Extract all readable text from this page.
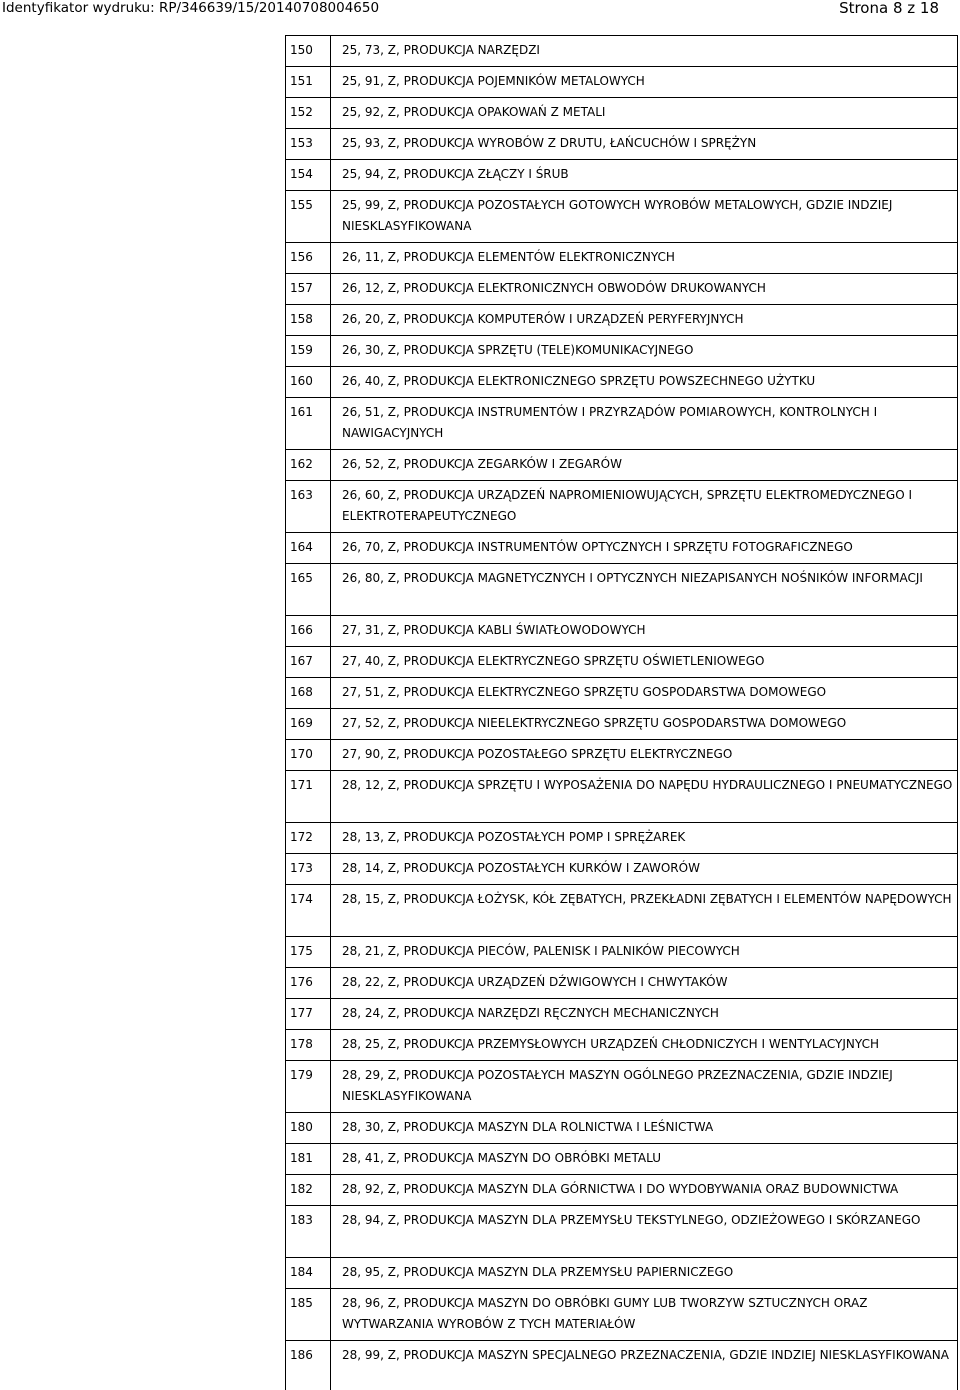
Identyfikator wydruku: RP/346639/15/20140708004650	Strona 8 z 18
150	25, 73, Z, PRODUKCJA NARZĘDZI
151	25, 91, Z, PRODUKCJA POJEMNIKÓW METALOWYCH
152	25, 92, Z, PRODUKCJA OPAKOWAŃ Z METALI
153	25, 93, Z, PRODUKCJA WYROBÓW Z DRUTU, ŁAŃCUCHÓW I SPRĘŻYN
154	25, 94, Z, PRODUKCJA ZŁĄCZY I ŚRUB
155	25, 99, Z, PRODUKCJA POZOSTAŁYCH GOTOWYCH WYROBÓW METALOWYCH, GDZIE INDZIEJ NIESKLASYFIKOWANA
156	26, 11, Z, PRODUKCJA ELEMENTÓW ELEKTRONICZNYCH
157	26, 12, Z, PRODUKCJA ELEKTRONICZNYCH OBWODÓW DRUKOWANYCH
158	26, 20, Z, PRODUKCJA KOMPUTERÓW I URZĄDZEŃ PERYFERYJNYCH
159	26, 30, Z, PRODUKCJA SPRZĘTU (TELE)KOMUNIKACYJNEGO
160	26, 40, Z, PRODUKCJA ELEKTRONICZNEGO SPRZĘTU POWSZECHNEGO UŻYTKU
161	26, 51, Z, PRODUKCJA INSTRUMENTÓW I PRZYRZĄDÓW POMIAROWYCH, KONTROLNYCH I NAWIGACYJNYCH
162	26, 52, Z, PRODUKCJA ZEGARKÓW I ZEGARÓW
163	26, 60, Z, PRODUKCJA URZĄDZEŃ NAPROMIENIOWUJĄCYCH, SPRZĘTU ELEKTROMEDYCZNEGO I ELEKTROTERAPEUTYCZNEGO
164	26, 70, Z, PRODUKCJA INSTRUMENTÓW OPTYCZNYCH I SPRZĘTU FOTOGRAFICZNEGO
165	26, 80, Z, PRODUKCJA MAGNETYCZNYCH I OPTYCZNYCH NIEZAPISANYCH NOŚNIKÓW INFORMACJI
166	27, 31, Z, PRODUKCJA KABLI ŚWIATŁOWODOWYCH
167	27, 40, Z, PRODUKCJA ELEKTRYCZNEGO SPRZĘTU OŚWIETLENIOWEGO
168	27, 51, Z, PRODUKCJA ELEKTRYCZNEGO SPRZĘTU GOSPODARSTWA DOMOWEGO
169	27, 52, Z, PRODUKCJA NIEELEKTRYCZNEGO SPRZĘTU GOSPODARSTWA DOMOWEGO
170	27, 90, Z, PRODUKCJA POZOSTAŁEGO SPRZĘTU ELEKTRYCZNEGO
171	28, 12, Z, PRODUKCJA SPRZĘTU I WYPOSAŻENIA DO NAPĘDU HYDRAULICZNEGO I PNEUMATYCZNEGO
172	28, 13, Z, PRODUKCJA POZOSTAŁYCH POMP I SPRĘŻAREK
173	28, 14, Z, PRODUKCJA POZOSTAŁYCH KURKÓW I ZAWORÓW
174	28, 15, Z, PRODUKCJA ŁOŻYSK, KÓŁ ZĘBATYCH, PRZEKŁADNI ZĘBATYCH I ELEMENTÓW NAPĘDOWYCH
175	28, 21, Z, PRODUKCJA PIECÓW, PALENISK I PALNIKÓW PIECOWYCH
176	28, 22, Z, PRODUKCJA URZĄDZEŃ DŹWIGOWYCH I CHWYTAKÓW
177	28, 24, Z, PRODUKCJA NARZĘDZI RĘCZNYCH MECHANICZNYCH
178	28, 25, Z, PRODUKCJA PRZEMYSŁOWYCH URZĄDZEŃ CHŁODNICZYCH I WENTYLACYJNYCH
179	28, 29, Z, PRODUKCJA POZOSTAŁYCH MASZYN OGÓLNEGO PRZEZNACZENIA, GDZIE INDZIEJ NIESKLASYFIKOWANA
180	28, 30, Z, PRODUKCJA MASZYN DLA ROLNICTWA I LEŚNICTWA
181	28, 41, Z, PRODUKCJA MASZYN DO OBRÓBKI METALU
182	28, 92, Z, PRODUKCJA MASZYN DLA GÓRNICTWA I DO WYDOBYWANIA ORAZ BUDOWNICTWA
183	28, 94, Z, PRODUKCJA MASZYN DLA PRZEMYSŁU TEKSTYLNEGO, ODZIEŻOWEGO I SKÓRZANEGO
184	28, 95, Z, PRODUKCJA MASZYN DLA PRZEMYSŁU PAPIERNICZEGO
185	28, 96, Z, PRODUKCJA MASZYN DO OBRÓBKI GUMY LUB TWORZYW SZTUCZNYCH ORAZ WYTWARZANIA WYROBÓW Z TYCH MATERIAŁÓW
186	28, 99, Z, PRODUKCJA MASZYN SPECJALNEGO PRZEZNACZENIA, GDZIE INDZIEJ NIESKLASYFIKOWANA
